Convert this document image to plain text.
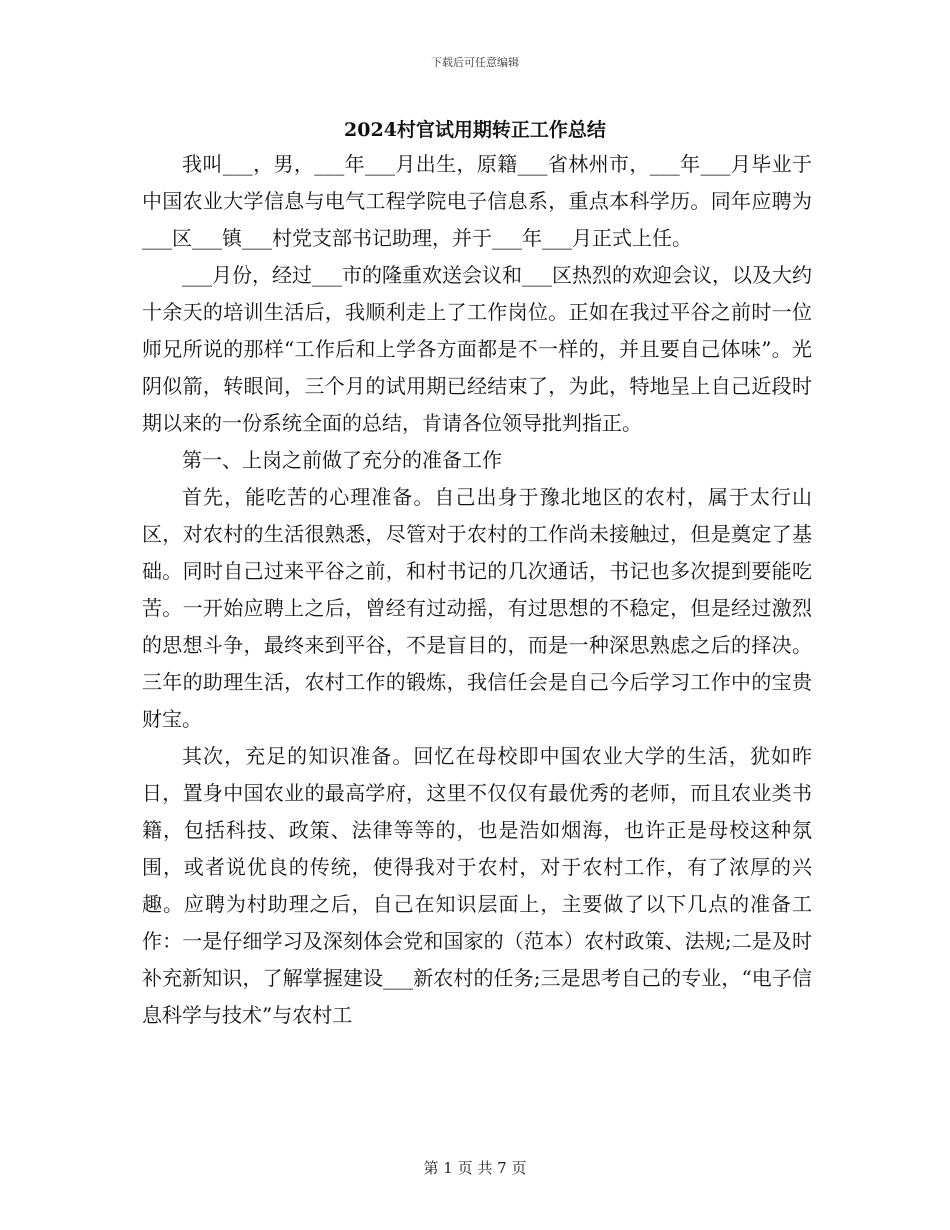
下载后可任意编辑
2024村官试用期转正工作总结

我叫___，男，___年___月出生，原籍___省林州市，___年___月毕业于中国农业大学信息与电气工程学院电子信息系，重点本科学历。同年应聘为___区___镇___村党支部书记助理，并于___年___月正式上任。

___月份，经过___市的隆重欢送会议和___区热烈的欢迎会议，以及大约十余天的培训生活后，我顺利走上了工作岗位。正如在我过平谷之前时一位师兄所说的那样“工作后和上学各方面都是不一样的，并且要自己体味”。光阴似箭，转眼间，三个月的试用期已经结束了，为此，特地呈上自己近段时期以来的一份系统全面的总结，肯请各位领导批判指正。

第一、上岗之前做了充分的准备工作

首先，能吃苦的心理准备。自己出身于豫北地区的农村，属于太行山区，对农村的生活很熟悉，尽管对于农村的工作尚未接触过，但是奠定了基础。同时自己过来平谷之前，和村书记的几次通话，书记也多次提到要能吃苦。一开始应聘上之后，曾经有过动摇，有过思想的不稳定，但是经过激烈的思想斗争，最终来到平谷，不是盲目的，而是一种深思熟虑之后的择决。三年的助理生活，农村工作的锻炼，我信任会是自己今后学习工作中的宝贵财宝。

其次，充足的知识准备。回忆在母校即中国农业大学的生活，犹如昨日，置身中国农业的最高学府，这里不仅仅有最优秀的老师，而且农业类书籍，包括科技、政策、法律等等的，也是浩如烟海，也许正是母校这种氛围，或者说优良的传统，使得我对于农村，对于农村工作，有了浓厚的兴趣。应聘为村助理之后，自己在知识层面上，主要做了以下几点的准备工作：一是仔细学习及深刻体会党和国家的（范本）农村政策、法规;二是及时补充新知识，了解掌握建设___新农村的任务;三是思考自己的专业，“电子信息科学与技术”与农村工

第 1 页 共 7 页
